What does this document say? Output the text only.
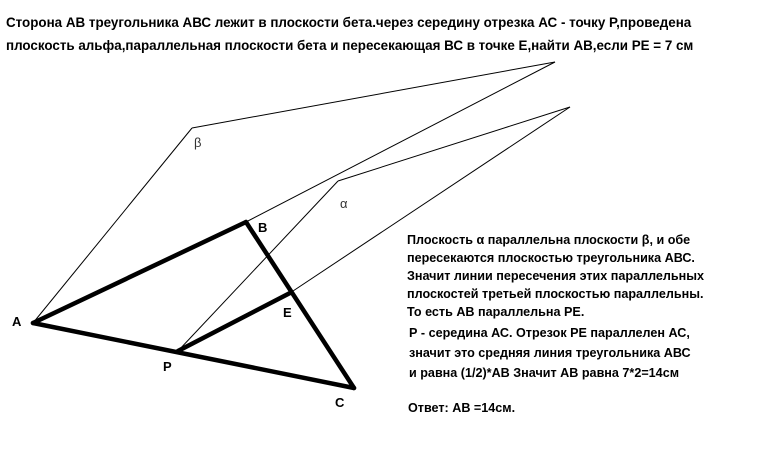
Сторона АВ треугольника АВС лежит в плоскости бета.через середину отрезка АС - точку Р,проведена
плоскость альфа,параллельная плоскости бета и пересекающая ВС в точке Е,найти АВ,если РЕ = 7 см
β
α
A
B
C
E
P
Плоскость α параллельна плоскости β, и обе
пересекаются плоскостью треугольника АВС.
Значит линии пересечения этих параллельных
плоскостей третьей плоскостью параллельны.
То есть АВ параллельна РЕ.
Р - середина АС. Отрезок РЕ параллелен АС,
значит это средняя линия треугольника АВС
и равна (1/2)*АВ Значит АВ равна 7*2=14см
Ответ: АВ =14см.
